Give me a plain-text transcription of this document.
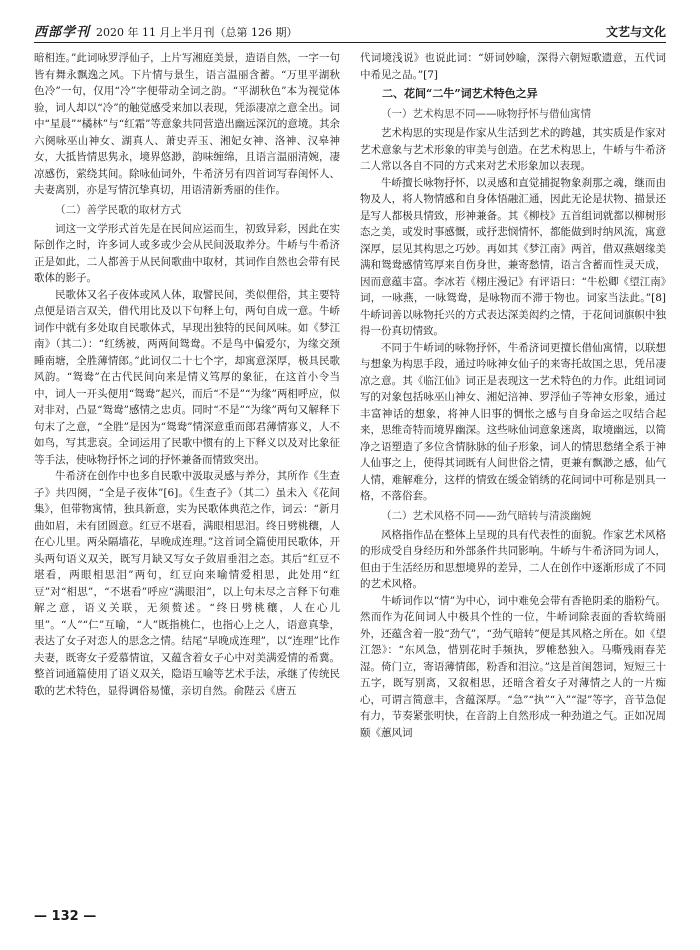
西部学刊 2020 年 11 月上半月刊（总第 126 期）	文艺与文化
暗相连。”此词咏罗浮仙子，上片写湘庭美景，造语自然，一字一句皆有舞永飘逸之风。下片情与景生，语言温丽含蓄。“万里平湖秋色冷”一句，仅用“冷”字便带动全词之韵。“平湖秋色”本为视觉体验，词人却以“冷”的触觉感受来加以表现，凭添凄凉之意全出。词中“星晨”“橘林”与“红霜”等意象共同营造出幽远深沉的意境。其余六阕咏巫山神女、湖真人、萧史弄玉、湘妃女神、洛神、汉皋神女，大抵皆情思隽永，境界悠渺，韵味缠绵，且语言温丽清婉，凄凉感伤，萦绕其间。除咏仙词外，牛希济另有四首词写春闺怀人、夫妻离别，亦是写情沉挚真切，用语清新秀丽的佳作。
（二）善学民歌的取材方式
词这一文学形式首先是在民间应运而生，初致异彩，因此在实际创作之时，许多词人或多或少会从民间汲取养分。牛峤与牛希济正是如此，二人都善于从民间歌曲中取材，其词作自然也会带有民歌体的影子。
民歌体又名子夜体或风人体，取譬民间，类似俚俗，其主要特点便是语言双关，借代用比及以下句释上句，两句自成一意。牛峤词作中就有多处取自民歌体式，早现出独特的民间风味。如《梦江南》（其二）：“红绣被，两两间鸳鸯。不是鸟中偏爱尔，为缘交颈睡南塘，全胜薄情郎。”此词仅二十七个字，却寓意深厚，极具民歌风韵。“鸳鸯”在古代民间向来是情义笃厚的象征，在这首小令当中，词人一开头便用“鸳鸯”起兴，而后“不是”“为缘”两相呼应，似对非对，凸显“鸳鸯”感情之忠贞。同时“不是”“为缘”两句又解释下句末了之意，“全胜”是因为“鸳鸯”情深意重而郎君薄情寡义，人不如鸟，写其悲哀。全词运用了民歌中惯有的上下释义以及对比象征等手法，使咏物抒怀之词的抒怀兼备而情致突出。
牛希济在创作中也多自民歌中汲取灵感与养分，其所作《生查子》共四阕，“全是子夜体”[6]。《生查子》（其二）虽未入《花间集》，但带物寓情，独具新意，实为民歌体典范之作，词云：“新月曲如眉，未有团圆意。红豆不堪看，满眼相思泪。终日劈桃穰，人在心儿里。两朵隔墙花，早晚成连理。”这首词全篇使用民歌体，开头两句语义双关，既写月缺又写女子敛眉垂泪之态。其后“红豆不堪看，两眼相思泪”两句，红豆向来喻情爱相思，此处用“红豆”对“相思”，“不堪看”呼应“满眼泪”，以上句未尽之言释下句难解之意，语义关联，无须赘述。“终日劈桃穰，人在心儿里”。“人”“仁”互喻，“人”既指桃仁，也指心上之人，语意真挚，表达了女子对恋人的思念之情。结尾“早晚成连理”，以“连理”比作夫妻，既寄女子爱慕情谊，又蕴含着女子心中对美满爱情的希冀。整首词通篇使用了语义双关，隐语互喻等艺术手法，承继了传统民歌的艺术特色，显得调俗易懂，亲切自然。俞陛云《唐五
代词境浅说》也说此词：“妍词妙喻，深得六朝短歌遗意，五代词中希见之品。”[7]
二、花间“二牛”词艺术特色之异
（一）艺术构思不同——咏物抒怀与借仙寓情
艺术构思的实现是作家从生活到艺术的跨越，其实质是作家对艺术意象与艺术形象的审美与创造。在艺术构思上，牛峤与牛希济二人常以各自不同的方式来对艺术形象加以表现。
牛峤擅长咏物抒怀，以灵感和直觉捕捉物象刹那之魂，继而由物及人，将人物情感和自身体悟融汇通，因此无论是状物、描景还是写人都极具情致，形神兼备。其《柳枝》五首组词就都以柳树形态之美，或发时事感慨，或抒悲悯情怀，都能做到时纳风流，寓意深厚，层见其构思之巧妙。再如其《梦江南》两首，借双燕姻缘美满和鸳鸯感情笃厚来自伤身世，兼寄愁情，语言含蓄而性灵天成，因而意蕴丰富。李冰若《栩庄漫记》有评语曰：“牛松卿《望江南》词，一咏燕，一咏鸳鸯，是咏物而不滞于物也。词家当法此。”[8] 牛峤词善以咏物托兴的方式表达深美闳约之情，于花间词旗帜中独得一份真切情致。
不同于牛峤词的咏物抒怀，牛希济词更擅长借仙寓情，以联想与想象为构思手段，通过吟咏神女仙子的来寄托故国之思，凭吊凄凉之意。其《临江仙》词正是表现这一艺术特色的力作。此组词词写的对象包括咏巫山神女、湘妃涪神、罗浮仙子等神女形象，通过丰富神话的想象，将神人旧事的惆怅之感与自身命运之叹结合起来，思维奇特而境界幽深。这些咏仙词意象迷离，取境幽远，以简净之语塑造了多位含情脉脉的仙子形象，词人的情思愁绪全系于神人仙事之上，使得其词既有人间世俗之情，更兼有飘渺之感，仙气人情，难解难分，这样的情致在缓金销绣的花间词中可称是别具一格，不落俗套。
（二）艺术风格不同——劲气暗转与清淡幽婉
风格指作品在整体上呈现的具有代表性的面貌。作家艺术风格的形成受自身经历和外部条件共同影响。牛峤与牛希济同为词人，但由于生活经历和思想境界的差异，二人在创作中逐渐形成了不同的艺术风格。
牛峤词作以“情”为中心，词中难免会带有香艳阴柔的脂粉气。然而作为花间词人中极具个性的一位，牛峤词除表面的香软绮丽外，还蕴含着一股“劲气”，“劲气暗转”便是其风格之所在。如《望江怨》：“东风急，惜别花时手频执，罗帷愁独入。马嘶残雨春芜湿。倚门立，寄语薄情郎，粉香和泪泣。”这是首闺怨词，短短三十五字，既写别离，又叙相思，还暗含着女子对薄情之人的一片痴心，可谓言简意丰，含蕴深厚。“急”“执”“入”“湿”等字，音节急促有力，节奏紧张明快，在音韵上自然形成一种劲道之气。正如况周颐《蕙风词
— 132 —
